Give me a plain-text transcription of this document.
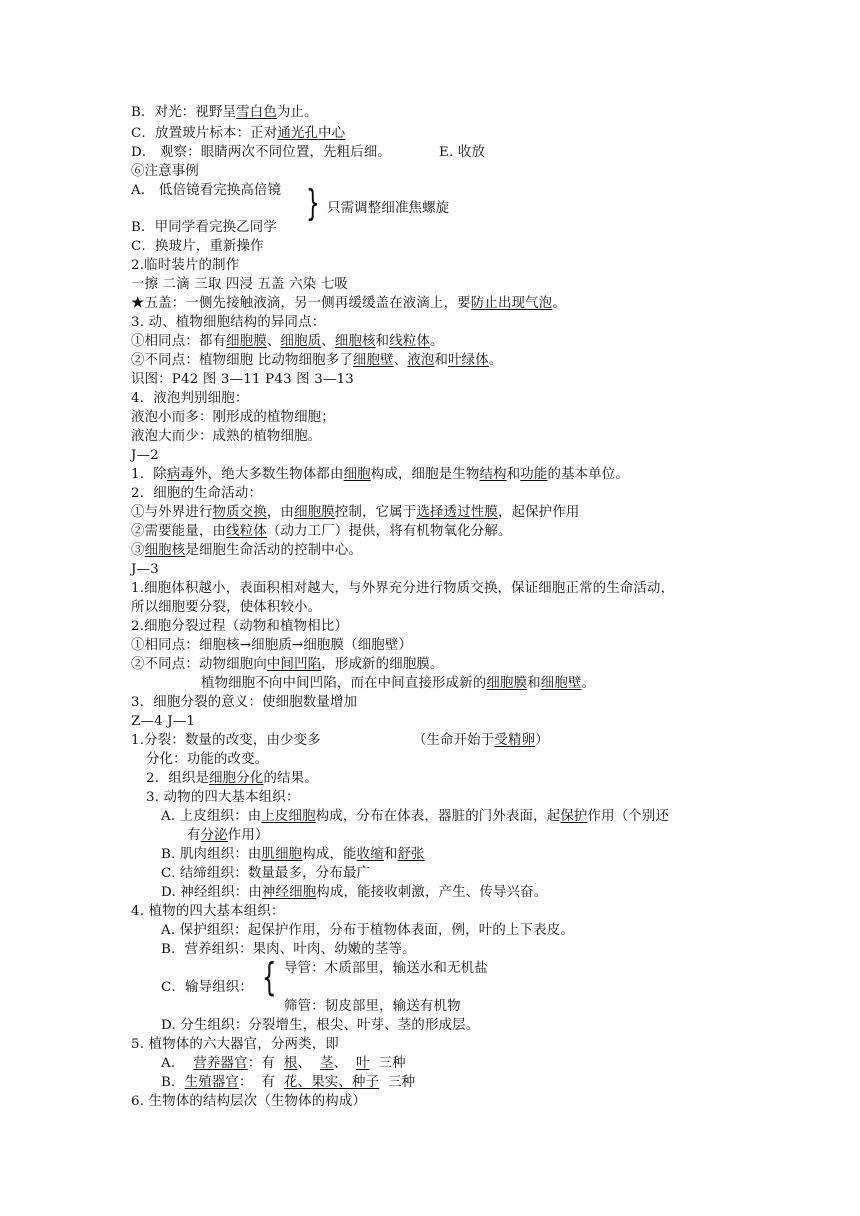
B．对光：视野呈雪白色为止。
C．放置玻片标本：正对通光孔中心
D． 观察：眼睛两次不同位置，先粗后细。	E. 收放
⑥注意事例
A． 低倍镜看完换高倍镜 } 只需调整细准焦螺旋
B．甲同学看完换乙同学
C．换玻片，重新操作
2.临时装片的制作
一擦 二滴 三取 四浸 五盖 六染 七吸
★五盖：一侧先接触液滴，另一侧再缓缓盖在液滴上，要防止出现气泡。
3. 动、植物细胞结构的异同点：
①相同点：都有细胞膜、细胞质、细胞核和线粒体。
②不同点：植物细胞 比动物细胞多了细胞壁、液泡和叶绿体。
识图：P42 图 3—11 P43 图 3—13
4．液泡判别细胞：
液泡小而多：刚形成的植物细胞；
液泡大而少：成熟的植物细胞。
J—2
1．除病毒外，绝大多数生物体都由细胞构成，细胞是生物结构和功能的基本单位。
2．细胞的生命活动：
①与外界进行物质交换，由细胞膜控制，它属于选择透过性膜，起保护作用
②需要能量，由线粒体（动力工厂）提供，将有机物氧化分解。
③细胞核是细胞生命活动的控制中心。
J—3
1.细胞体积越小，表面积相对越大，与外界充分进行物质交换，保证细胞正常的生命活动，
所以细胞要分裂，使体积较小。
2.细胞分裂过程（动物和植物相比）
①相同点：细胞核→细胞质→细胞膜（细胞壁）
②不同点：动物细胞向中间凹陷，形成新的细胞膜。
植物细胞不向中间凹陷，而在中间直接形成新的细胞膜和细胞壁。
3．细胞分裂的意义：使细胞数量增加
Z—4 J—1
1.分裂：数量的改变，由少变多	（生命开始于受精卵）
分化：功能的改变。
2．组织是细胞分化的结果。
3. 动物的四大基本组织：
A. 上皮组织：由上皮细胞构成，分布在体表，器脏的门外表面，起保护作用（个别还
有分泌作用）
B. 肌肉组织：由肌细胞构成，能收缩和舒张
C. 结缔组织：数量最多，分布最广
D. 神经组织：由神经细胞构成，能接收刺激，产生、传导兴奋。
4. 植物的四大基本组织：
A. 保护组织：起保护作用，分布于植物体表面，例，叶的上下表皮。
B．营养组织：果肉、叶肉、幼嫩的茎等。
导管：木质部里，输送水和无机盐
C．输导组织： {
筛管：韧皮部里，输送有机物
D. 分生组织：分裂增生，根尖、叶芽、茎的形成层。
5. 植物体的六大器官，分两类，即
A．  营养器官：有  根、  茎、  叶  三种
B．生殖器官：  有  花、果实、种子  三种
6. 生物体的结构层次（生物体的构成）
